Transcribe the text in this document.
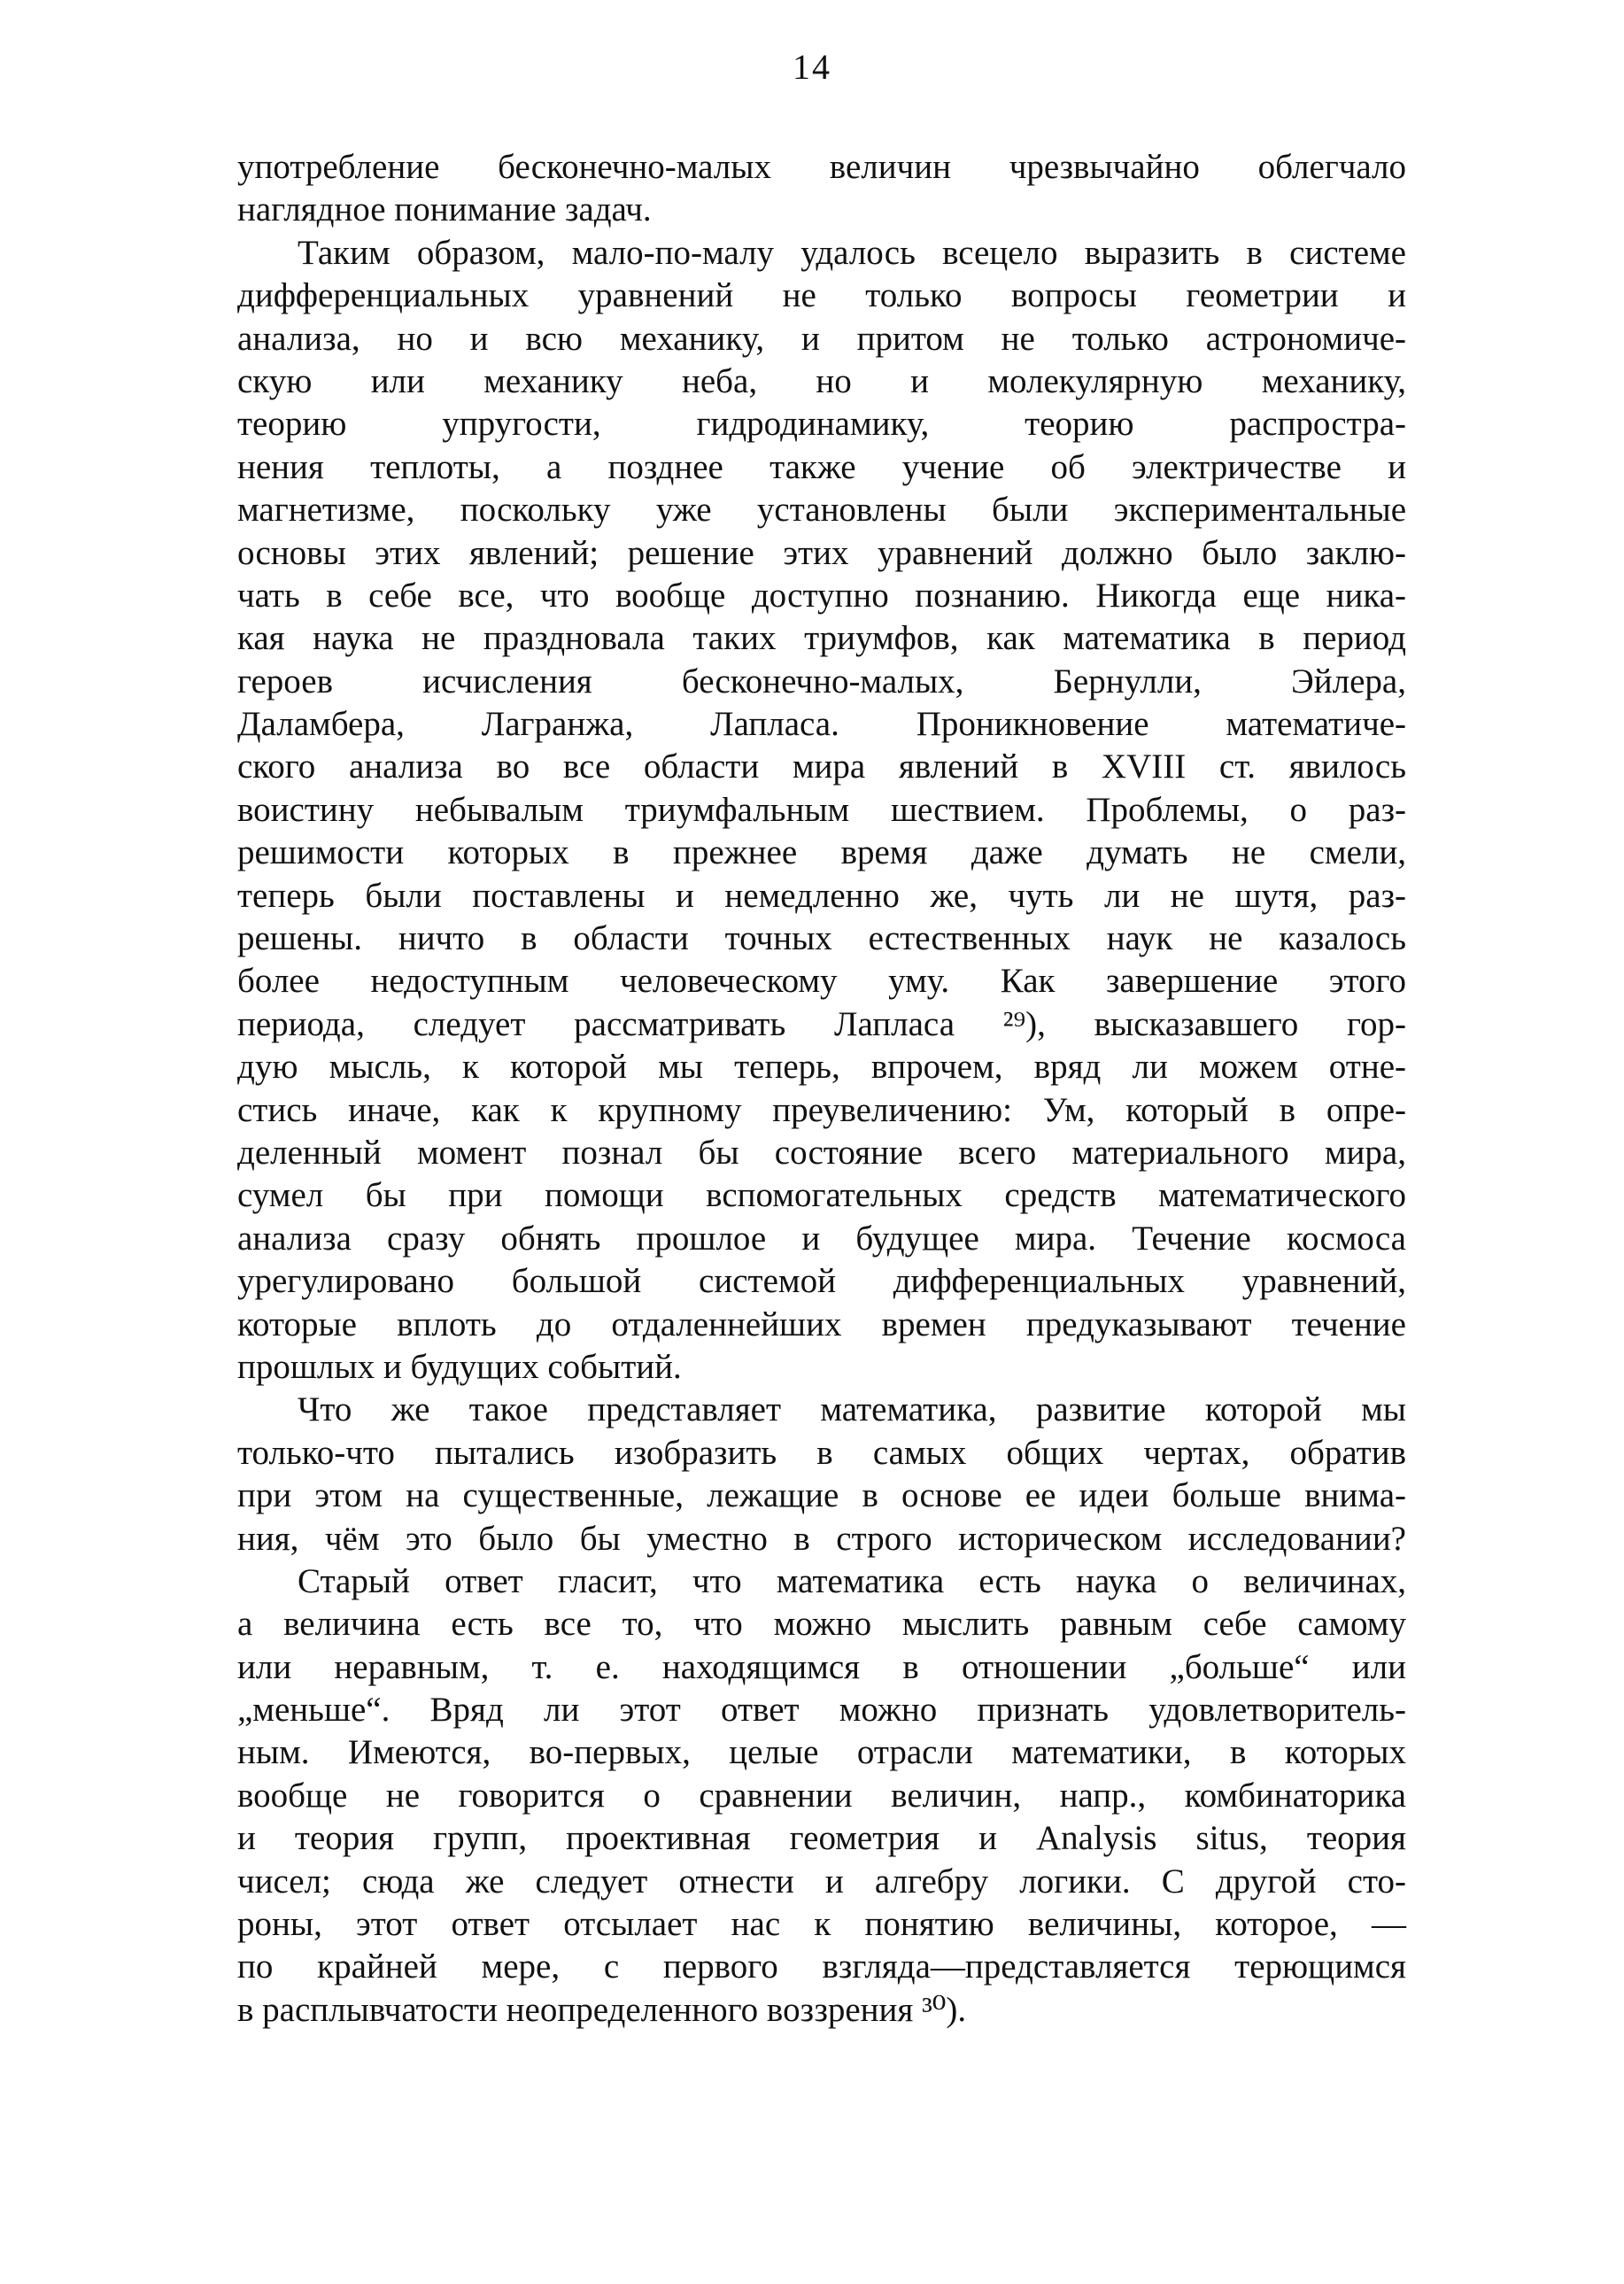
14
употребление бесконечно-малых величин чрезвычайно облегчало
наглядное понимание задач.
Таким образом, мало-по-малу удалось всецело выразить в системе
дифференциальных уравнений не только вопросы геометрии и
анализа, но и всю механику, и притом не только астрономиче-
скую или механику неба, но и молекулярную механику,
теорию упругости, гидродинамику, теорию распростра-
нения теплоты, а позднее также учение об электричестве и
магнетизме, поскольку уже установлены были экспериментальные
основы этих явлений; решение этих уравнений должно было заклю-
чать в себе все, что вообще доступно познанию. Никогда еще ника-
кая наука не праздновала таких триумфов, как математика в период
героев исчисления бесконечно-малых, Бернулли, Эйлера,
Даламбера, Лагранжа, Лапласа. Проникновение математиче-
ского анализа во все области мира явлений в XVIII ст. явилось
воистину небывалым триумфальным шествием. Проблемы, о раз-
решимости которых в прежнее время даже думать не смели,
теперь были поставлены и немедленно же, чуть ли не шутя, раз-
решены. ничто в области точных естественных наук не казалось
более недоступным человеческому уму. Как завершение этого
периода, следует рассматривать Лапласа ²⁹), высказавшего гор-
дую мысль, к которой мы теперь, впрочем, вряд ли можем отне-
стись иначе, как к крупному преувеличению: Ум, который в опре-
деленный момент познал бы состояние всего материального мира,
сумел бы при помощи вспомогательных средств математического
анализа сразу обнять прошлое и будущее мира. Течение космоса
урегулировано большой системой дифференциальных уравнений,
которые вплоть до отдаленнейших времен предуказывают течение
прошлых и будущих событий.
Что же такое представляет математика, развитие которой мы
только-что пытались изобразить в самых общих чертах, обратив
при этом на существенные, лежащие в основе ее идеи больше внима-
ния, чём это было бы уместно в строго историческом исследовании?
Старый ответ гласит, что математика есть наука о величинах,
а величина есть все то, что можно мыслить равным себе самому
или неравным, т. е. находящимся в отношении „больше“ или
„меньше“. Вряд ли этот ответ можно признать удовлетворитель-
ным. Имеются, во-первых, целые отрасли математики, в которых
вообще не говорится о сравнении величин, напр., комбинаторика
и теория групп, проективная геометрия и Analysis situs, теория
чисел; сюда же следует отнести и алгебру логики. С другой сто-
роны, этот ответ отсылает нас к понятию величины, которое, —
по крайней мере, с первого взгляда—представляется терющимся
в расплывчатости неопределенного воззрения ³⁰).
